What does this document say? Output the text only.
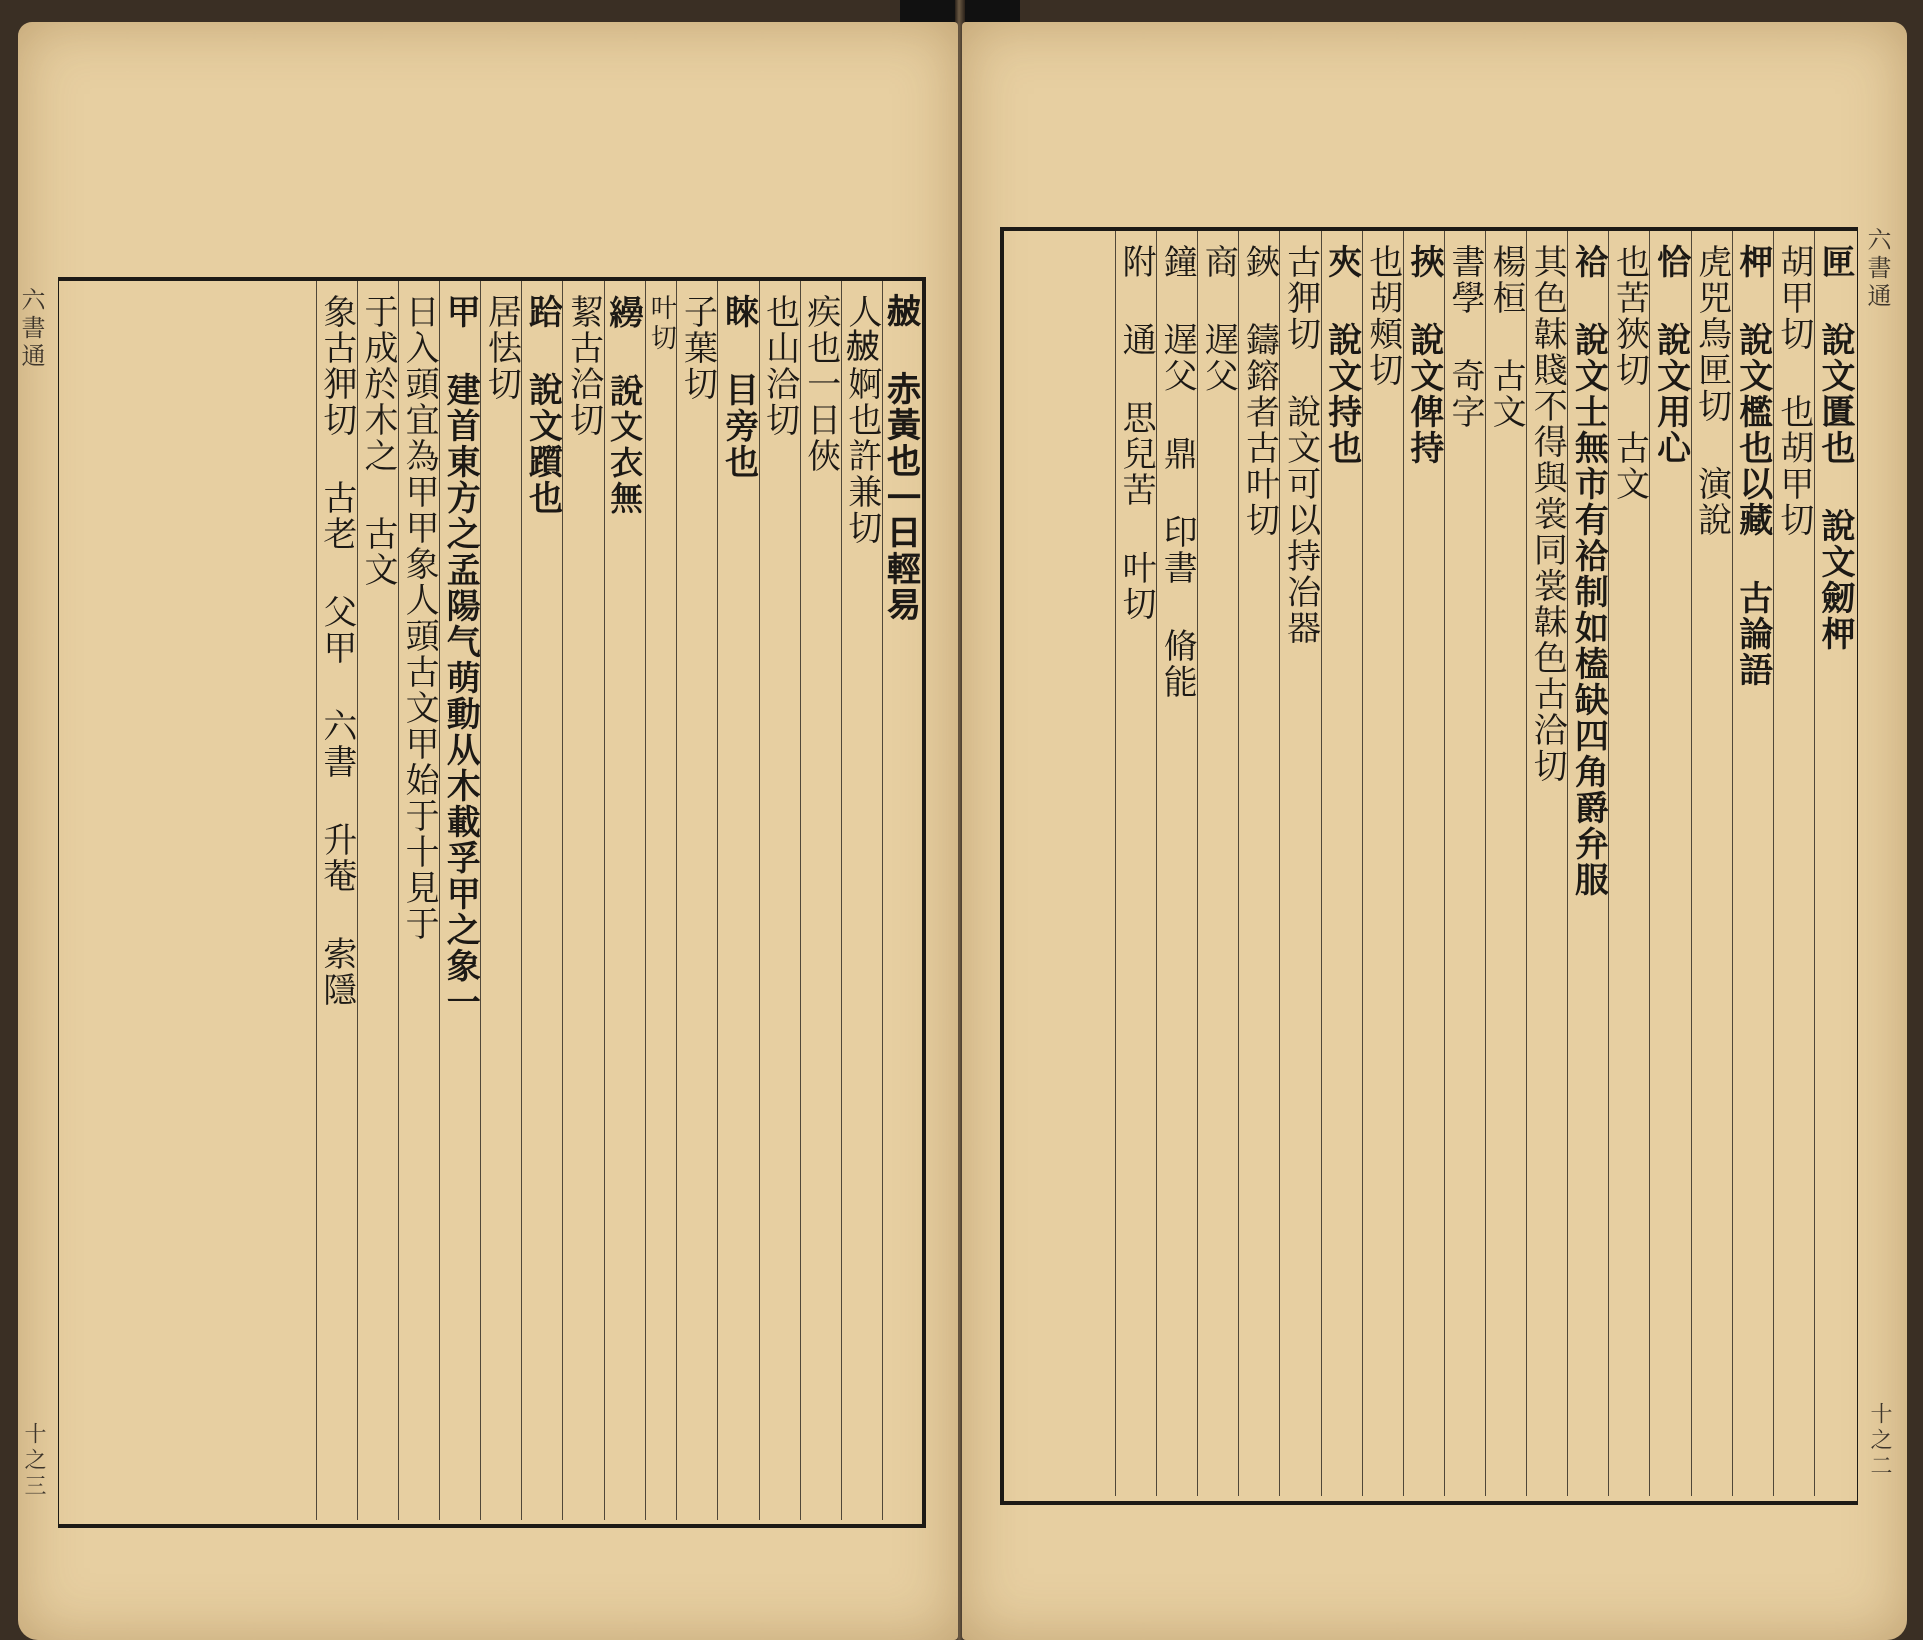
六書通
十之三
𧹞 赤黃也一日輕易
人𧹞婀也許兼切
疾也一日俠
也山洽切
睞 目旁也
子葉切
叶切
𦆅 說文衣無
絜古洽切
跲 說文躓也
居怯切
甲 建首東方之孟陽气萌動从木載孚甲之象一
日入頭宜為甲甲象人頭古文甲始于十見于
于成於木之 古文
象古狎切 古老 父甲 六書 升菴 索隱
六書通
十之二
匣 說文匱也 說文劒柙
胡甲切 也胡甲切
柙 說文檻也以藏 古論語
虎兕鳥匣切 演說
恰 說文用心
也苦狹切 古文
祫 說文士無市有祫制如榼缺四角爵弁服
其色韎賤不得與裳同裳韎色古洽切
楊桓 古文
書學 奇字
挾 說文俾持
也胡頰切
夾 說文持也
古狎切 說文可以持冶器
鋏 鑄鎔者古叶切
商 遅父
鐘 遅父 鼎 印書 脩能
附 通 思兒苦 叶切
